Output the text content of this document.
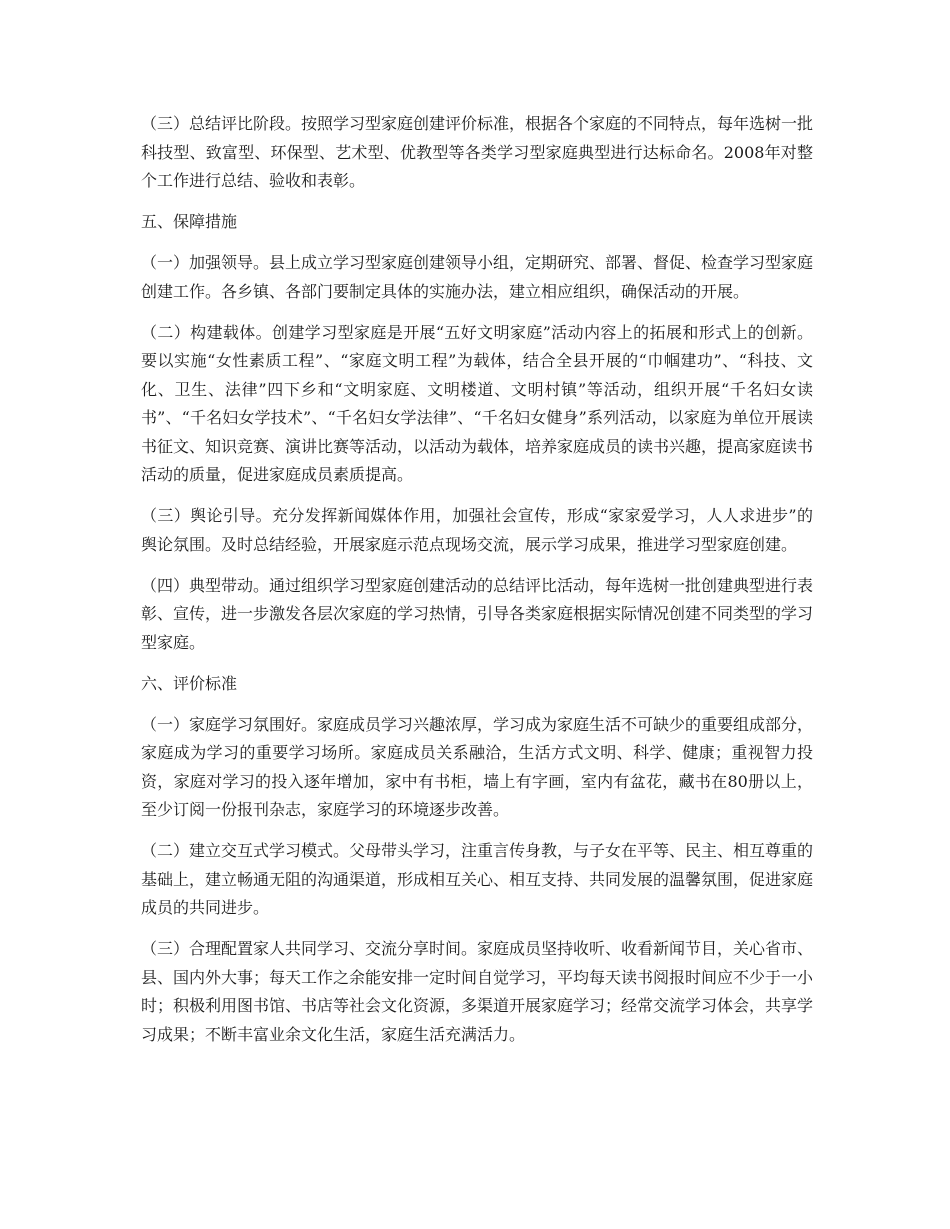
（三）总结评比阶段。按照学习型家庭创建评价标准，根据各个家庭的不同特点，每年选树一批科技型、致富型、环保型、艺术型、优教型等各类学习型家庭典型进行达标命名。2008年对整个工作进行总结、验收和表彰。

五、保障措施

（一）加强领导。县上成立学习型家庭创建领导小组，定期研究、部署、督促、检查学习型家庭创建工作。各乡镇、各部门要制定具体的实施办法，建立相应组织，确保活动的开展。

（二）构建载体。创建学习型家庭是开展“五好文明家庭”活动内容上的拓展和形式上的创新。要以实施“女性素质工程”、“家庭文明工程”为载体，结合全县开展的“巾帼建功”、“科技、文化、卫生、法律”四下乡和“文明家庭、文明楼道、文明村镇”等活动，组织开展“千名妇女读书”、“千名妇女学技术”、“千名妇女学法律”、“千名妇女健身”系列活动，以家庭为单位开展读书征文、知识竞赛、演讲比赛等活动，以活动为载体，培养家庭成员的读书兴趣，提高家庭读书活动的质量，促进家庭成员素质提高。

（三）舆论引导。充分发挥新闻媒体作用，加强社会宣传，形成“家家爱学习，人人求进步”的舆论氛围。及时总结经验，开展家庭示范点现场交流，展示学习成果，推进学习型家庭创建。

（四）典型带动。通过组织学习型家庭创建活动的总结评比活动，每年选树一批创建典型进行表彰、宣传，进一步激发各层次家庭的学习热情，引导各类家庭根据实际情况创建不同类型的学习型家庭。

六、评价标准

（一）家庭学习氛围好。家庭成员学习兴趣浓厚，学习成为家庭生活不可缺少的重要组成部分，家庭成为学习的重要学习场所。家庭成员关系融洽，生活方式文明、科学、健康；重视智力投资，家庭对学习的投入逐年增加，家中有书柜，墙上有字画，室内有盆花，藏书在80册以上，至少订阅一份报刊杂志，家庭学习的环境逐步改善。

（二）建立交互式学习模式。父母带头学习，注重言传身教，与子女在平等、民主、相互尊重的基础上，建立畅通无阻的沟通渠道，形成相互关心、相互支持、共同发展的温馨氛围，促进家庭成员的共同进步。

（三）合理配置家人共同学习、交流分享时间。家庭成员坚持收听、收看新闻节目，关心省市、县、国内外大事；每天工作之余能安排一定时间自觉学习，平均每天读书阅报时间应不少于一小时；积极利用图书馆、书店等社会文化资源，多渠道开展家庭学习；经常交流学习体会，共享学习成果；不断丰富业余文化生活，家庭生活充满活力。
